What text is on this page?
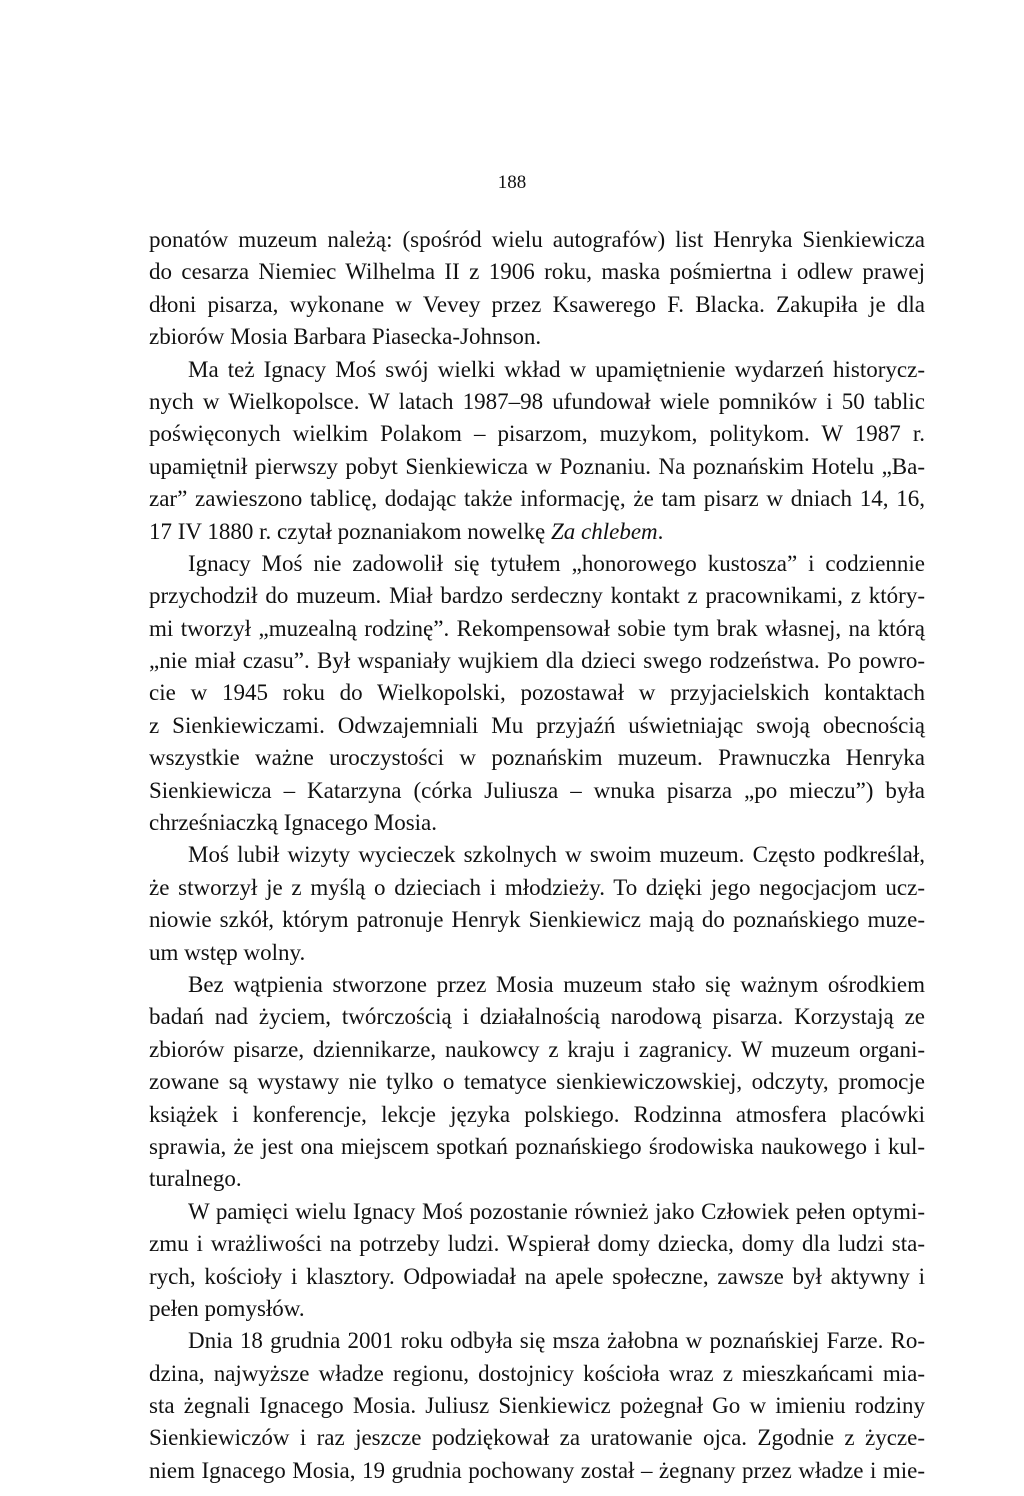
188
ponatów muzeum należą: (spośród wielu autografów) list Henryka Sienkiewicza
do cesarza Niemiec Wilhelma II z 1906 roku, maska pośmiertna i odlew prawej
dłoni pisarza, wykonane w Vevey przez Ksawerego F. Blacka. Zakupiła je dla
zbiorów Mosia Barbara Piasecka-Johnson.
Ma też Ignacy Moś swój wielki wkład w upamiętnienie wydarzeń historycz-
nych w Wielkopolsce. W latach 1987–98 ufundował wiele pomników i 50 tablic
poświęconych wielkim Polakom – pisarzom, muzykom, politykom. W 1987 r.
upamiętnił pierwszy pobyt Sienkiewicza w Poznaniu. Na poznańskim Hotelu „Ba-
zar” zawieszono tablicę, dodając także informację, że tam pisarz w dniach 14, 16,
17 IV 1880 r. czytał poznaniakom nowelkę Za chlebem.
Ignacy Moś nie zadowolił się tytułem „honorowego kustosza” i codziennie
przychodził do muzeum. Miał bardzo serdeczny kontakt z pracownikami, z który-
mi tworzył „muzealną rodzinę”. Rekompensował sobie tym brak własnej, na którą
„nie miał czasu”. Był wspaniały wujkiem dla dzieci swego rodzeństwa. Po powro-
cie w 1945 roku do Wielkopolski, pozostawał w przyjacielskich kontaktach
z Sienkiewiczami. Odwzajemniali Mu przyjaźń uświetniając swoją obecnością
wszystkie ważne uroczystości w poznańskim muzeum. Prawnuczka Henryka
Sienkiewicza – Katarzyna (córka Juliusza – wnuka pisarza „po mieczu”) była
chrześniaczką Ignacego Mosia.
Moś lubił wizyty wycieczek szkolnych w swoim muzeum. Często podkreślał,
że stworzył je z myślą o dzieciach i młodzieży. To dzięki jego negocjacjom ucz-
niowie szkół, którym patronuje Henryk Sienkiewicz mają do poznańskiego muze-
um wstęp wolny.
Bez wątpienia stworzone przez Mosia muzeum stało się ważnym ośrodkiem
badań nad życiem, twórczością i działalnością narodową pisarza. Korzystają ze
zbiorów pisarze, dziennikarze, naukowcy z kraju i zagranicy. W muzeum organi-
zowane są wystawy nie tylko o tematyce sienkiewiczowskiej, odczyty, promocje
książek i konferencje, lekcje języka polskiego. Rodzinna atmosfera placówki
sprawia, że jest ona miejscem spotkań poznańskiego środowiska naukowego i kul-
turalnego.
W pamięci wielu Ignacy Moś pozostanie również jako Człowiek pełen optymi-
zmu i wrażliwości na potrzeby ludzi. Wspierał domy dziecka, domy dla ludzi sta-
rych, kościoły i klasztory. Odpowiadał na apele społeczne, zawsze był aktywny i
pełen pomysłów.
Dnia 18 grudnia 2001 roku odbyła się msza żałobna w poznańskiej Farze. Ro-
dzina, najwyższe władze regionu, dostojnicy kościoła wraz z mieszkańcami mia-
sta żegnali Ignacego Mosia. Juliusz Sienkiewicz pożegnał Go w imieniu rodziny
Sienkiewiczów i raz jeszcze podziękował za uratowanie ojca. Zgodnie z życze-
niem Ignacego Mosia, 19 grudnia pochowany został – żegnany przez władze i mie-
